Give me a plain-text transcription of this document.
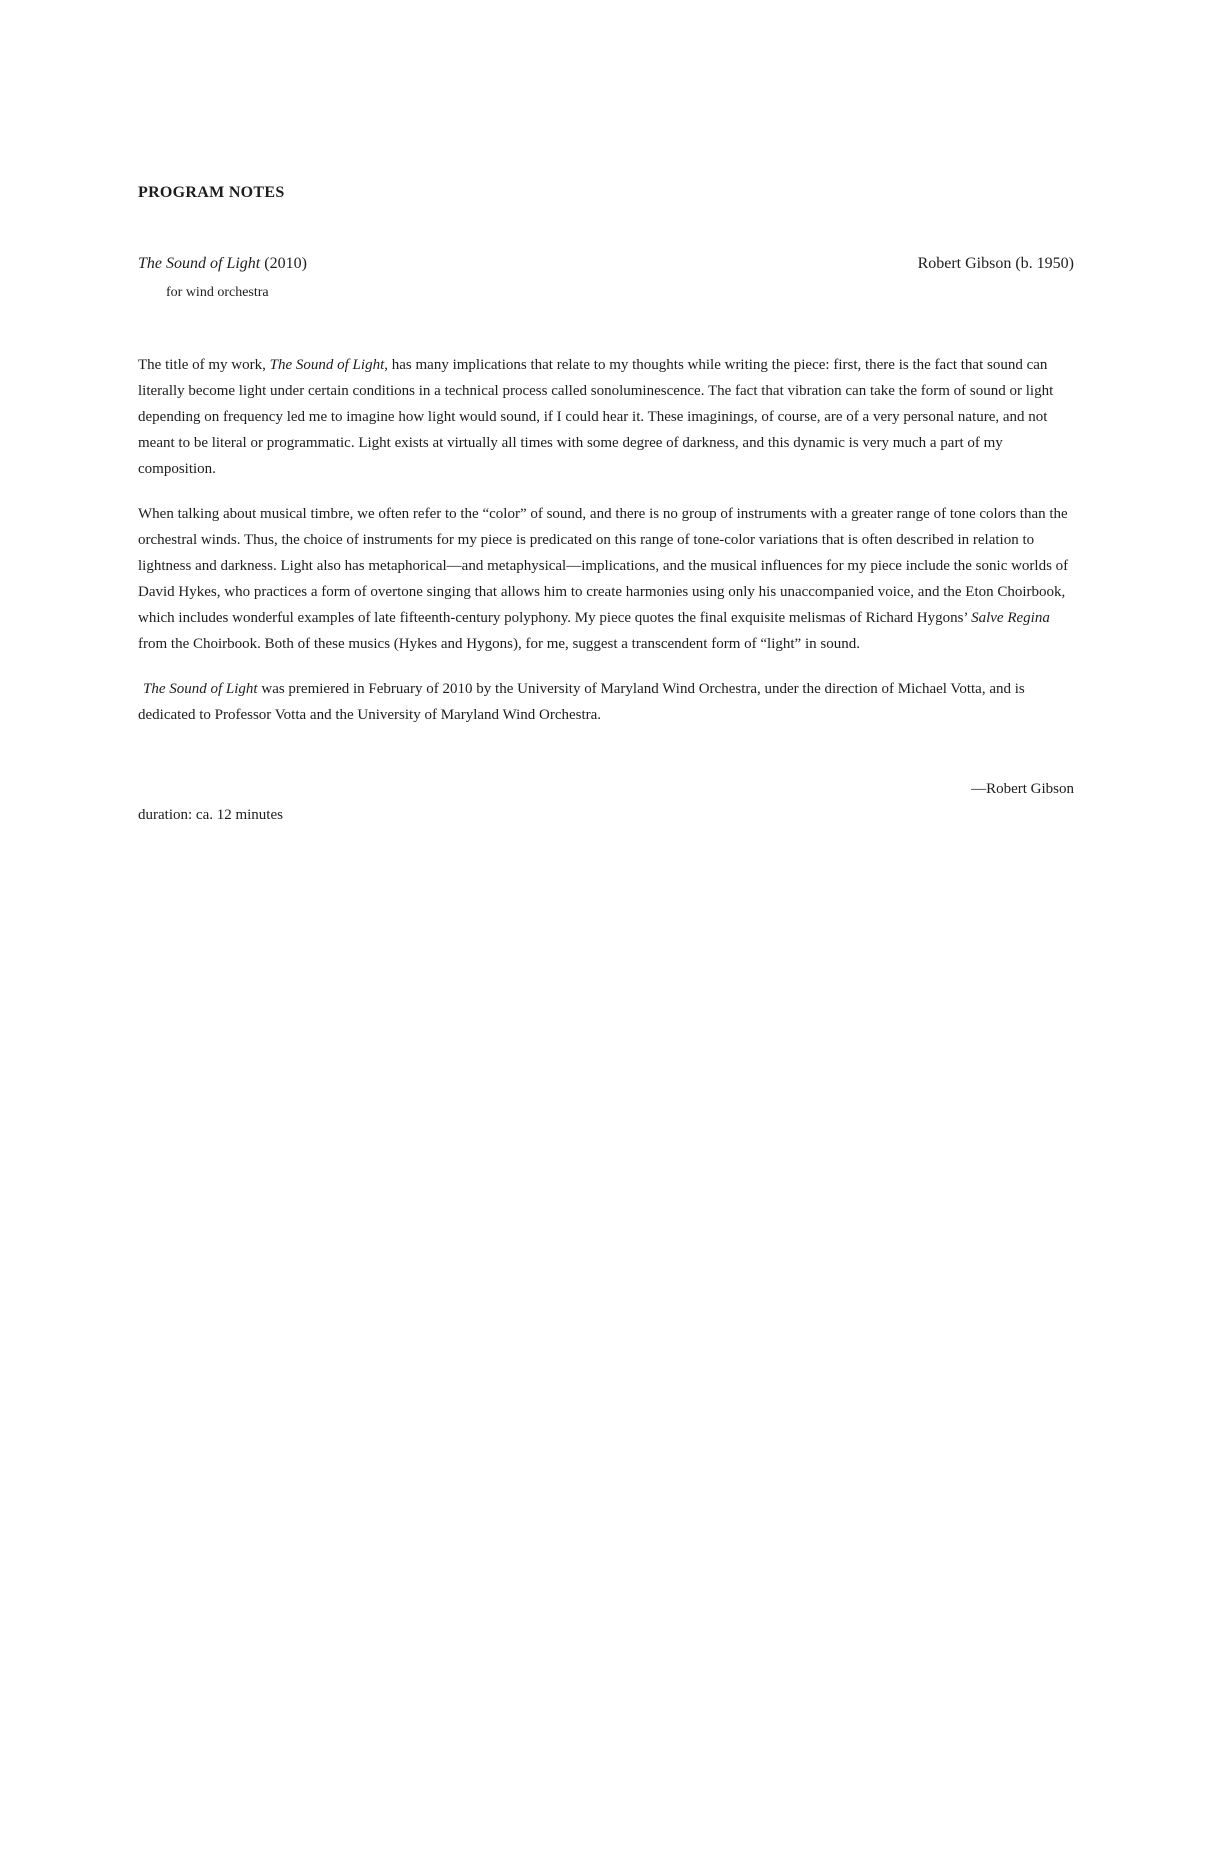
PROGRAM NOTES
The Sound of Light (2010)	Robert Gibson (b. 1950)
for wind orchestra

The title of my work, The Sound of Light, has many implications that relate to my thoughts while writing the piece: first, there is the fact that sound can literally become light under certain conditions in a technical process called sonoluminescence. The fact that vibration can take the form of sound or light depending on frequency led me to imagine how light would sound, if I could hear it. These imaginings, of course, are of a very personal nature, and not meant to be literal or programmatic. Light exists at virtually all times with some degree of darkness, and this dynamic is very much a part of my composition.

When talking about musical timbre, we often refer to the “color” of sound, and there is no group of instruments with a greater range of tone colors than the orchestral winds. Thus, the choice of instruments for my piece is predicated on this range of tone-color variations that is often described in relation to lightness and darkness. Light also has metaphorical—and metaphysical—implications, and the musical influences for my piece include the sonic worlds of David Hykes, who practices a form of overtone singing that allows him to create harmonies using only his unaccompanied voice, and the Eton Choirbook, which includes wonderful examples of late fifteenth-century polyphony. My piece quotes the final exquisite melismas of Richard Hygons’ Salve Regina from the Choirbook. Both of these musics (Hykes and Hygons), for me, suggest a transcendent form of “light” in sound.

The Sound of Light was premiered in February of 2010 by the University of Maryland Wind Orchestra, under the direction of Michael Votta, and is dedicated to Professor Votta and the University of Maryland Wind Orchestra.

—Robert Gibson
duration: ca. 12 minutes
